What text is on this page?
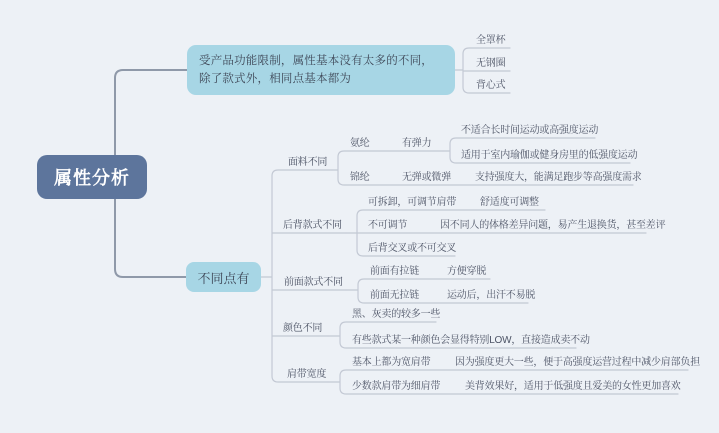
属性分析
受产品功能限制，属性基本没有太多的不同，除了款式外，相同点基本都为
不同点有
全罩杯
无钢圈
背心式
面料不同
后背款式不同
前面款式不同
颜色不同
肩带宽度
氨纶	有弹力
不适合长时间运动或高强度运动
适用于室内瑜伽或健身房里的低强度运动
锦纶	无弹或微弹 支持强度大，能满足跑步等高强度需求
可拆卸，可调节肩带 舒适度可调整
不可调节	因不同人的体格差异问题，易产生退换货，甚至差评
后背交叉或不可交叉
前面有拉链	方便穿脱
前面无拉链	运动后，出汗不易脱
黑、灰卖的较多一些
有些款式某一种颜色会显得特别LOW，直接造成卖不动
基本上都为宽肩带 因为强度更大一些，便于高强度运营过程中减少肩部负担
少数款肩带为细肩带 美背效果好，适用于低强度且爱美的女性更加喜欢
